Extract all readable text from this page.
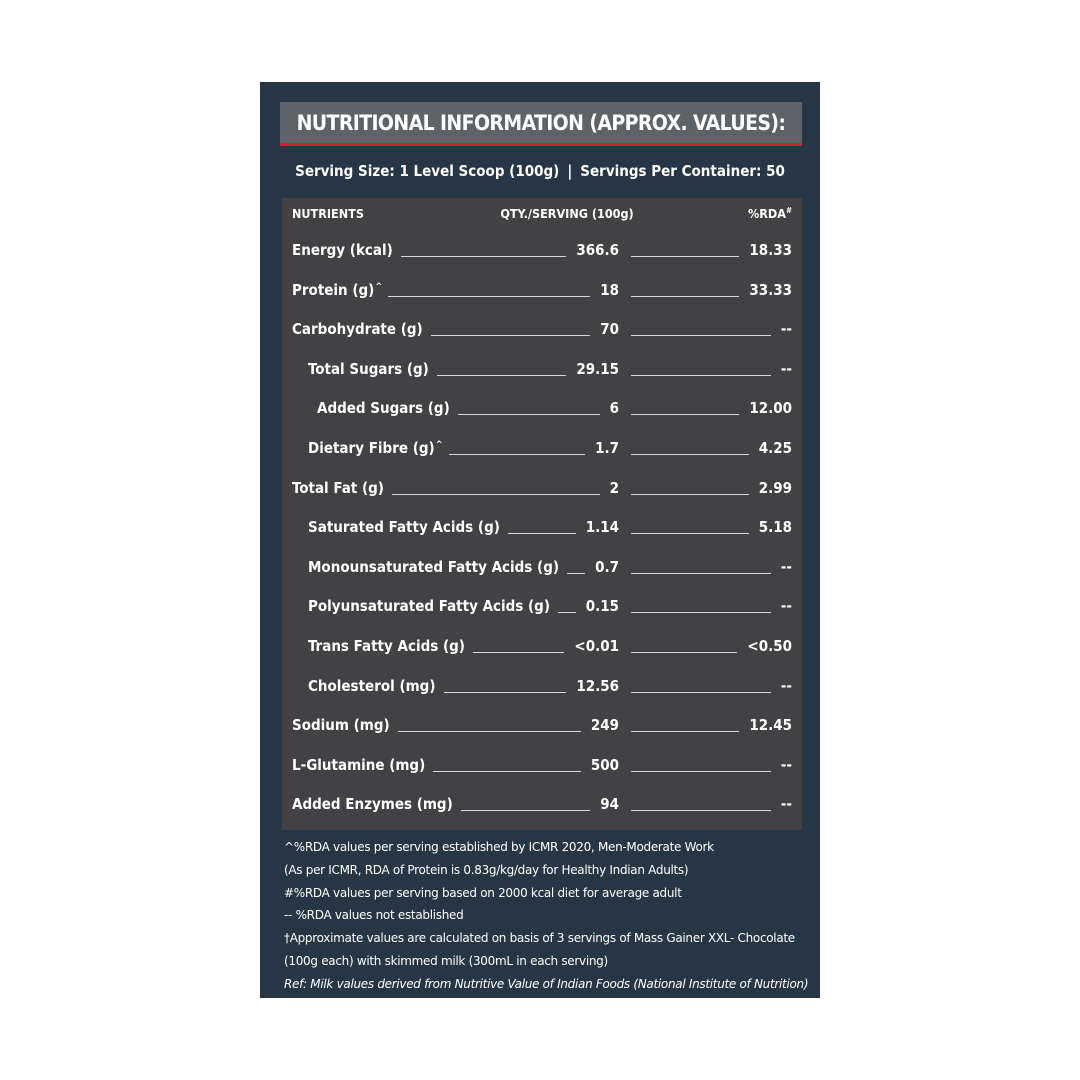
NUTRITIONAL INFORMATION (APPROX. VALUES):
Serving Size: 1 Level Scoop (100g) | Servings Per Container: 50
NUTRIENTS	QTY./SERVING (100g)	%RDA#
Energy (kcal)	366.6	18.33
Protein (g) ^	18	33.33
Carbohydrate (g)	70	--
Total Sugars (g)	29.15	--
Added Sugars (g)	6	12.00
Dietary Fibre (g) ^	1.7	4.25
Total Fat (g)	2	2.99
Saturated Fatty Acids (g)	1.14	5.18
Monounsaturated Fatty Acids (g) 0.7	--
Polyunsaturated Fatty Acids (g) 0.15	--
Trans Fatty Acids (g)	<0.01	<0.50
Cholesterol (mg)	12.56	--
Sodium (mg)	249	12.45
L-Glutamine (mg)	500	--
Added Enzymes (mg)	94	--
^%RDA values per serving established by ICMR 2020, Men-Moderate Work
(As per ICMR, RDA of Protein is 0.83g/kg/day for Healthy Indian Adults)
#%RDA values per serving based on 2000 kcal diet for average adult
-- %RDA values not established
†Approximate values are calculated on basis of 3 servings of Mass Gainer XXL- Chocolate
(100g each) with skimmed milk (300mL in each serving)
Ref: Milk values derived from Nutritive Value of Indian Foods (National Institute of Nutrition)
